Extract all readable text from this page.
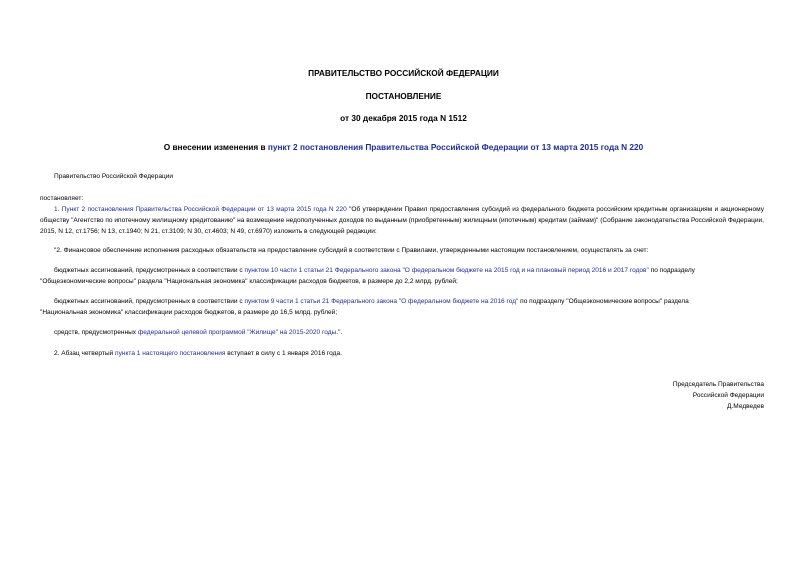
ПРАВИТЕЛЬСТВО РОССИЙСКОЙ ФЕДЕРАЦИИ
ПОСТАНОВЛЕНИЕ
от 30 декабря 2015 года N 1512
О внесении изменения в пункт 2 постановления Правительства Российской Федерации от 13 марта 2015 года N 220
Правительство Российской Федерации
постановляет:
1. Пункт 2 постановления Правительства Российской Федерации от 13 марта 2015 года N 220 "Об утверждении Правил предоставления субсидий из федерального бюджета российским кредитным организациям и акционерному обществу "Агентство по ипотечному жилищному кредитованию" на возмещение недополученных доходов по выданным (приобретенным) жилищным (ипотечным) кредитам (займам)" (Собрание законодательства Российской Федерации, 2015, N 12, ст.1756; N 13, ст.1940; N 21, ст.3109; N 30, ст.4603; N 49, ст.6970) изложить в следующей редакции:
"2. Финансовое обеспечение исполнения расходных обязательств на предоставление субсидий в соответствии с Правилами, утвержденными настоящим постановлением, осуществлять за счет:
бюджетных ассигнований, предусмотренных в соответствии с пунктом 10 части 1 статьи 21 Федерального закона "О федеральном бюджете на 2015 год и на плановый период 2016 и 2017 годов" по подразделу
"Общеэкономические вопросы" раздела "Национальная экономика" классификации расходов бюджетов, в размере до 2,2 млрд. рублей;
бюджетных ассигнований, предусмотренных в соответствии с пунктом 9 части 1 статьи 21 Федерального закона "О федеральном бюджете на 2016 год" по подразделу "Общеэкономические вопросы" раздела
"Национальная экономика" классификации расходов бюджетов, в размере до 16,5 млрд. рублей;
средств, предусмотренных федеральной целевой программой "Жилище" на 2015-2020 годы.".
2. Абзац четвертый пункта 1 настоящего постановления вступает в силу с 1 января 2016 года.
Председатель Правительства
Российской Федерации
Д.Медведев
